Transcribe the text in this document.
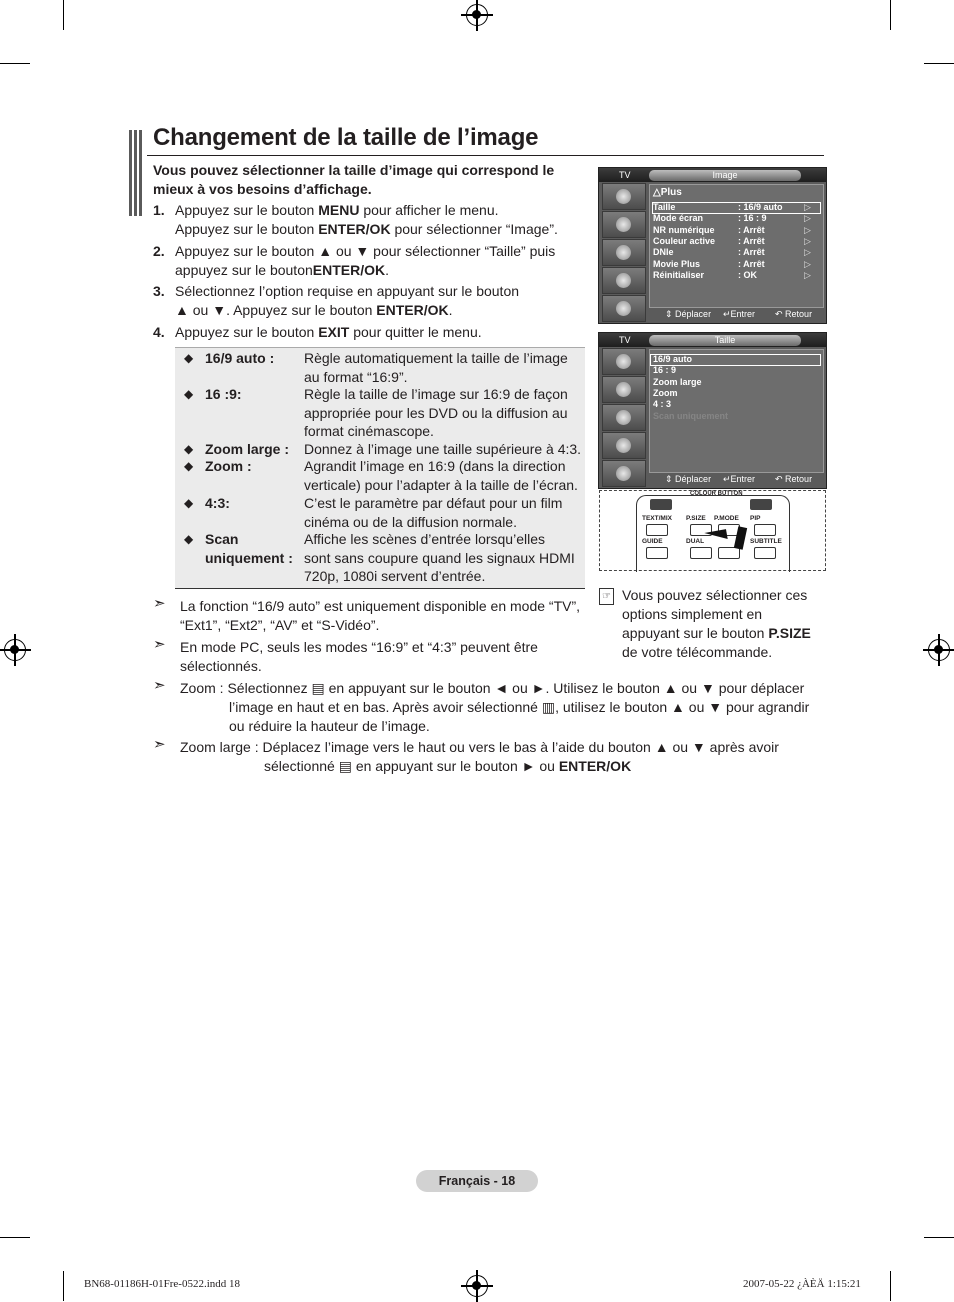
Changement de la taille de l’image
Vous pouvez sélectionner la taille d’image qui correspond le
mieux à vos besoins d’affichage.
1. Appuyez sur le bouton MENU pour afficher le menu.
Appuyez sur le bouton ENTER/OK pour sélectionner “Image”.
2. Appuyez sur le bouton ▲ ou ▼ pour sélectionner “Taille” puis
appuyez sur le boutonENTER/OK.
3. Sélectionnez l’option requise en appuyant sur le bouton
▲ ou ▼. Appuyez sur le bouton ENTER/OK.
4. Appuyez sur le bouton EXIT pour quitter le menu.
◆ 16/9 auto : Règle automatiquement la taille de l’image
au format “16:9”.
◆ 16 :9:	Règle la taille de l’image sur 16:9 de façon
appropriée pour les DVD ou la diffusion au
format cinémascope.
◆ Zoom large : Donnez à l’image une taille supérieure à 4:3.
◆ Zoom :	Agrandit l’image en 16:9 (dans la direction
verticale) pour l’adapter à la taille de l’écran.
◆ 4:3:	C’est le paramètre par défaut pour un film
cinéma ou de la diffusion normale.
◆ Scan
uniquement :
Affiche les scènes d’entrée lorsqu’elles
sont sans coupure quand les signaux HDMI
720p, 1080i servent d’entrée.
TV	Image
△Plus
Taille	: 16/9 auto ▷
Mode écran	: 16 : 9	▷
NR numérique	: Arrêt	▷
Couleur active	: Arrêt	▷
DNIe	: Arrêt	▷
Movie Plus	: Arrêt	▷
Réinitialiser	: OK	▷
⇕ Déplacer ↵Entrer ↶ Retour
TV	Taille
16/9 auto
16 : 9
Zoom large
Zoom
4 : 3
Scan uniquement
⇕ Déplacer ↵Entrer ↶ Retour
COLOUR BUTTON
TEXT/MIX P.SIZE P.MODE PIP
GUIDE	DUAL	SUBTITLE
☞ Vous pouvez sélectionner ces
options simplement en
appuyant sur le bouton P.SIZE
de votre télécommande.
➣
➣
➣
➣
La fonction “16/9 auto” est uniquement disponible en mode “TV”,
“Ext1”, “Ext2”, “AV” et “S-Vidéo”.
En mode PC, seuls les modes “16:9” et “4:3” peuvent être
sélectionnés.
Zoom : Sélectionnez ▤ en appuyant sur le bouton ◄ ou ►. Utilisez le bouton ▲ ou ▼ pour déplacer
l’image en haut et en bas. Après avoir sélectionné ▥, utilisez le bouton ▲ ou ▼ pour agrandir
ou réduire la hauteur de l’image.
Zoom large : Déplacez l’image vers le haut ou vers le bas à l’aide du bouton ▲ ou ▼ après avoir
sélectionné ▤ en appuyant sur le bouton ► ou ENTER/OK
Français - 18
BN68-01186H-01Fre-0522.indd 18	2007-05-22 ¿ÀÈÄ 1:15:21
